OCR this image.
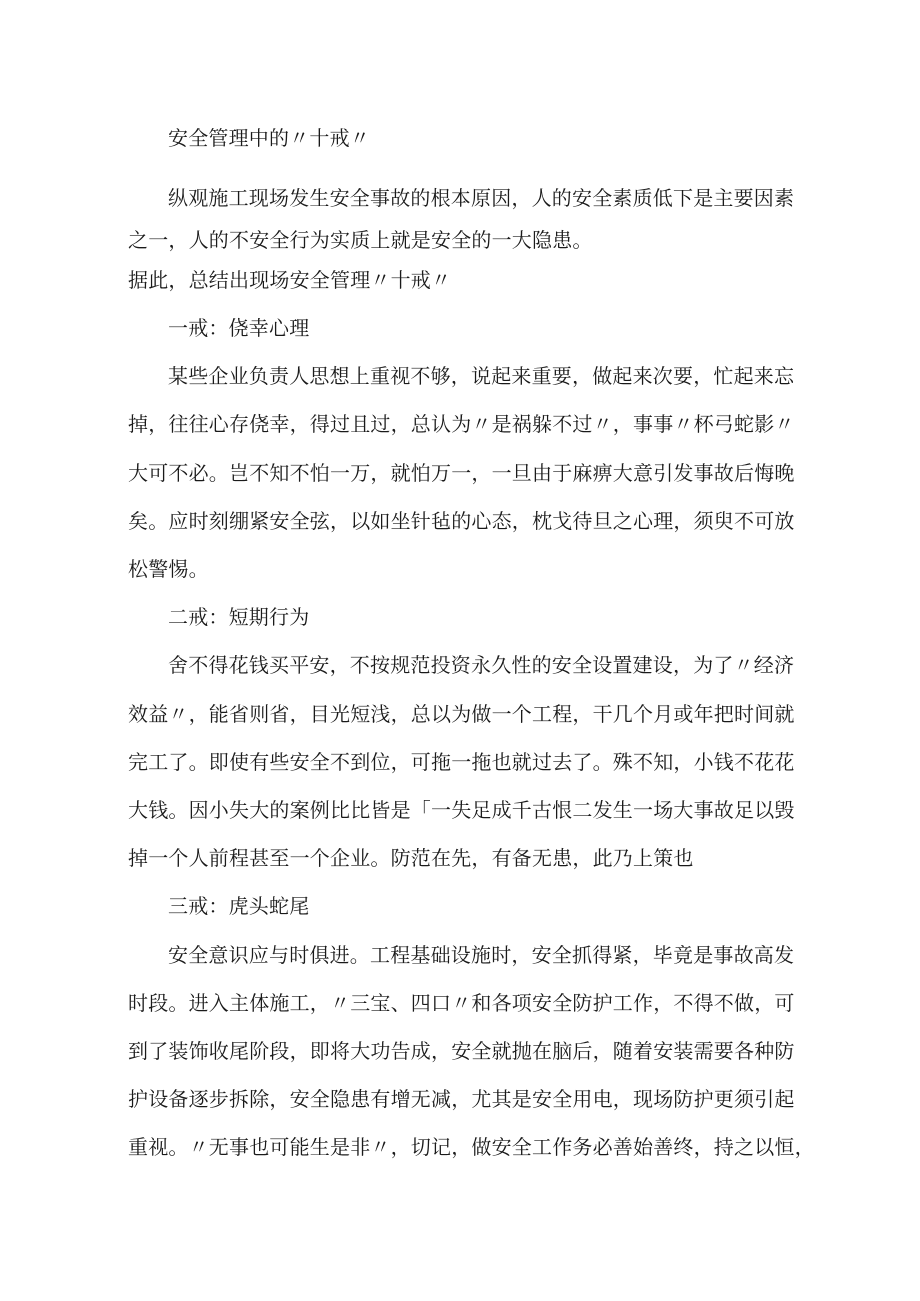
安全管理中的〃十戒〃
纵观施工现场发生安全事故的根本原因，人的安全素质低下是主要因素
之一，人的不安全行为实质上就是安全的一大隐患。
据此，总结出现场安全管理〃十戒〃
一戒：侥幸心理
某些企业负责人思想上重视不够，说起来重要，做起来次要，忙起来忘
掉，往往心存侥幸，得过且过，总认为〃是祸躲不过〃，事事〃杯弓蛇影〃
大可不必。岂不知不怕一万，就怕万一，一旦由于麻痹大意引发事故后悔晚
矣。应时刻绷紧安全弦，以如坐针毡的心态，枕戈待旦之心理，须臾不可放
松警惕。
二戒：短期行为
舍不得花钱买平安，不按规范投资永久性的安全设置建设，为了〃经济
效益〃，能省则省，目光短浅，总以为做一个工程，干几个月或年把时间就
完工了。即使有些安全不到位，可拖一拖也就过去了。殊不知，小钱不花花
大钱。因小失大的案例比比皆是「一失足成千古恨二发生一场大事故足以毁
掉一个人前程甚至一个企业。防范在先，有备无患，此乃上策也
三戒：虎头蛇尾
安全意识应与时俱进。工程基础设施时，安全抓得紧，毕竟是事故高发
时段。进入主体施工，〃三宝、四口〃和各项安全防护工作，不得不做，可
到了装饰收尾阶段，即将大功告成，安全就抛在脑后，随着安装需要各种防
护设备逐步拆除，安全隐患有增无减，尤其是安全用电，现场防护更须引起
重视。〃无事也可能生是非〃，切记，做安全工作务必善始善终，持之以恒，
